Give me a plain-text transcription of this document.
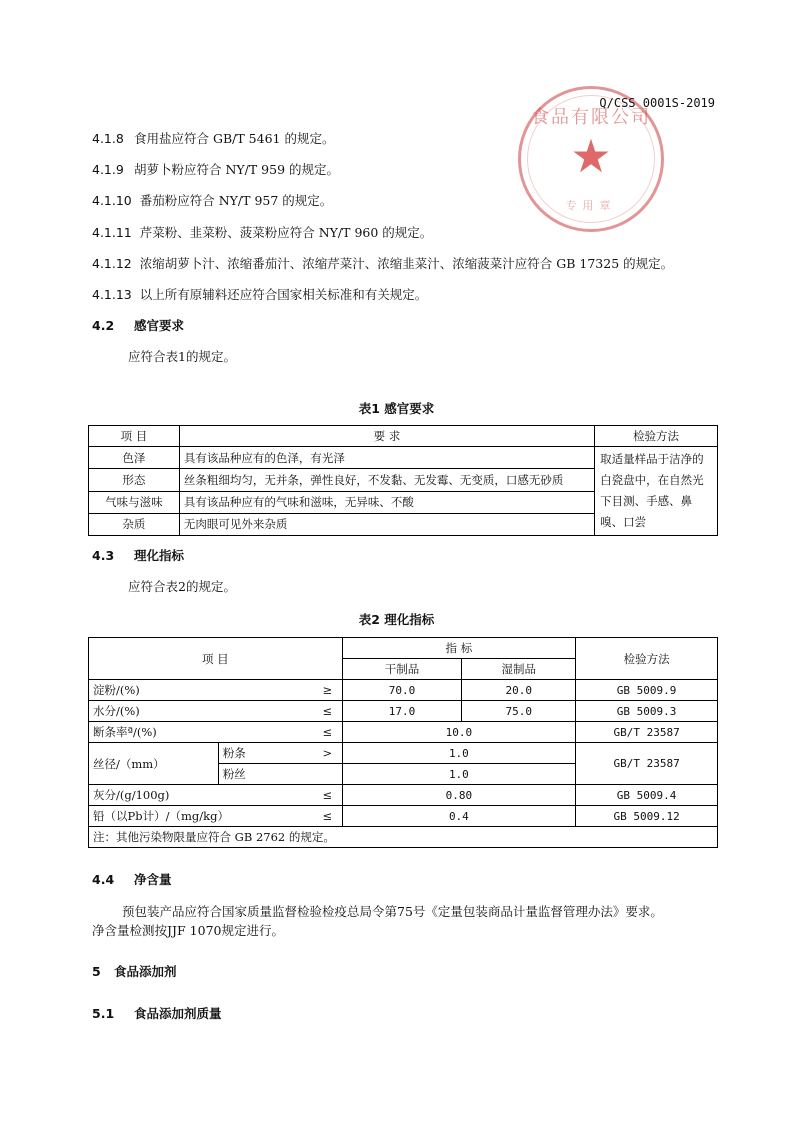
Q/CSS 0001S-2019
食品有限公司
★
专用章
4.1.8 食用盐应符合 GB/T 5461 的规定。
4.1.9 胡萝卜粉应符合 NY/T 959 的规定。
4.1.10 番茄粉应符合 NY/T 957 的规定。
4.1.11 芹菜粉、韭菜粉、菠菜粉应符合 NY/T 960 的规定。
4.1.12 浓缩胡萝卜汁、浓缩番茄汁、浓缩芹菜汁、浓缩韭菜汁、浓缩菠菜汁应符合 GB 17325 的规定。
4.1.13 以上所有原辅料还应符合国家相关标准和有关规定。
4.2 感官要求
应符合表1的规定。
表1 感官要求
项 目	要 求	检验方法
色泽	具有该品种应有的色泽，有光泽	取适量样品于洁净的白瓷盘中，在自然光下目测、手感、鼻嗅、口尝
形态	丝条粗细均匀，无并条，弹性良好，不发黏、无发霉、无变质，口感无砂质	
气味与滋味	具有该品种应有的气味和滋味，无异味、不酸	
杂质	无肉眼可见外来杂质	
4.3 理化指标
应符合表2的规定。
表2 理化指标
项 目			指 标		检验方法
			干制品	湿制品	
淀粉/(%)		≥	70.0	20.0	GB 5009.9
水分/(%)		≤	17.0	75.0	GB 5009.3
断条率ª/(%)		≤	10.0		GB/T 23587
丝径/（mm）	粉条	>	1.0		GB/T 23587
	粉丝		1.0		
灰分/(g/100g)		≤	0.80		GB 5009.4
铅（以Pb计）/（mg/kg）		≤	0.4		GB 5009.12
注：其他污染物限量应符合 GB 2762 的规定。					
4.4 净含量
预包装产品应符合国家质量监督检验检疫总局令第75号《定量包装商品计量监督管理办法》要求。
净含量检测按JJF 1070规定进行。
5 食品添加剂
5.1 食品添加剂质量
